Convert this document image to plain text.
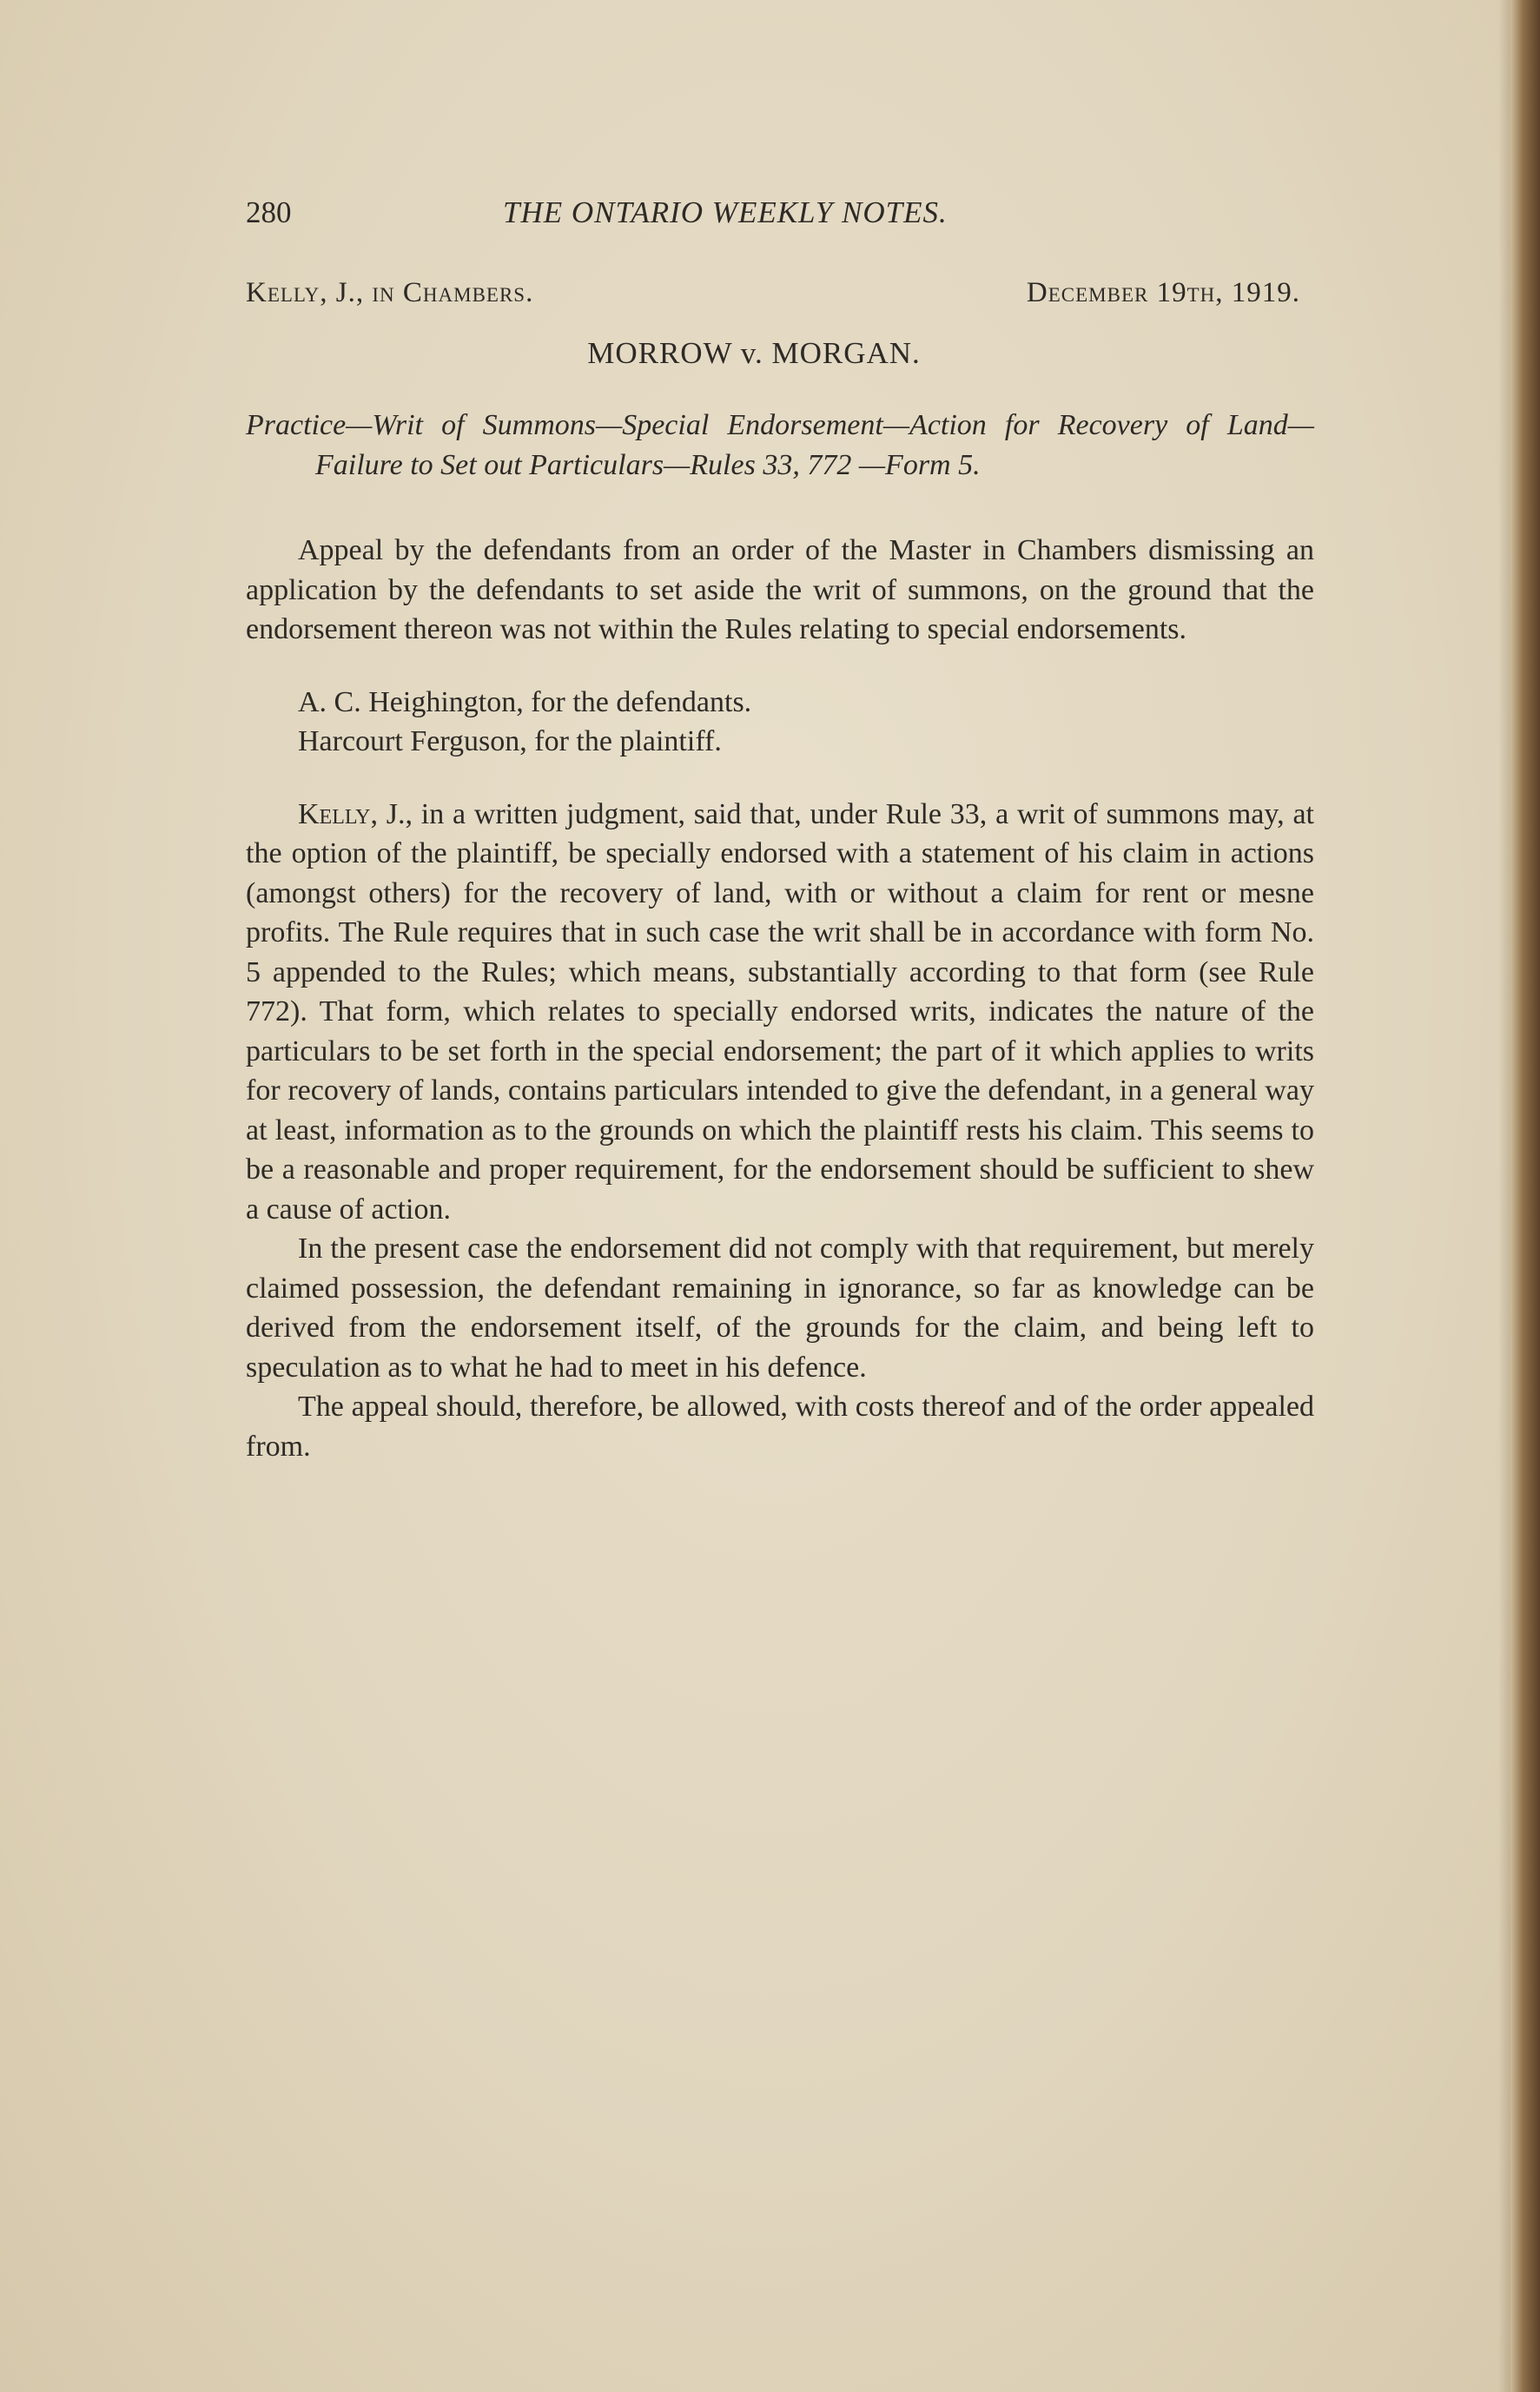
280	THE ONTARIO WEEKLY NOTES.
Kelly, J., in Chambers.	December 19th, 1919.
MORROW v. MORGAN.
Practice—Writ of Summons—Special Endorsement—Action for Recovery of Land—Failure to Set out Particulars—Rules 33, 772 —Form 5.

Appeal by the defendants from an order of the Master in Chambers dismissing an application by the defendants to set aside the writ of summons, on the ground that the endorsement thereon was not within the Rules relating to special endorsements.

A. C. Heighington, for the defendants.

Harcourt Ferguson, for the plaintiff.

Kelly, J., in a written judgment, said that, under Rule 33, a writ of summons may, at the option of the plaintiff, be specially endorsed with a statement of his claim in actions (amongst others) for the recovery of land, with or without a claim for rent or mesne profits. The Rule requires that in such case the writ shall be in accordance with form No. 5 appended to the Rules; which means, substantially according to that form (see Rule 772). That form, which relates to specially endorsed writs, indicates the nature of the particulars to be set forth in the special endorsement; the part of it which applies to writs for recovery of lands, contains particulars intended to give the defendant, in a general way at least, information as to the grounds on which the plaintiff rests his claim. This seems to be a reasonable and proper requirement, for the endorsement should be sufficient to shew a cause of action.

In the present case the endorsement did not comply with that requirement, but merely claimed possession, the defendant remaining in ignorance, so far as knowledge can be derived from the endorsement itself, of the grounds for the claim, and being left to speculation as to what he had to meet in his defence.

The appeal should, therefore, be allowed, with costs thereof and of the order appealed from.
